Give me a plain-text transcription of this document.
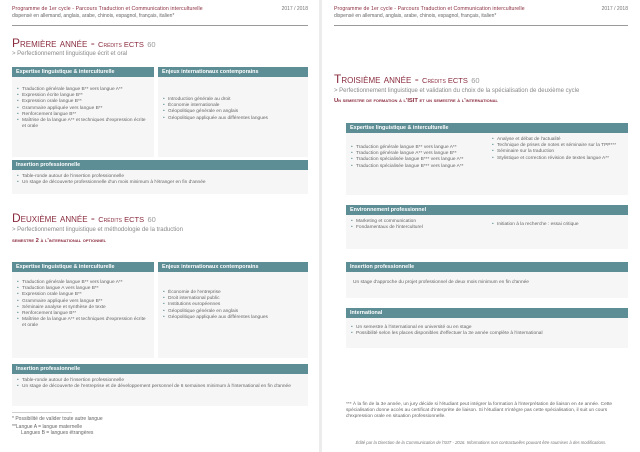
Programme de 1er cycle - Parcours Traduction et Communication interculturelle
dispensé en allemand, anglais, arabe, chinois, espagnol, français, italien*
2017 / 2018
Première année - Crédits ECTS 60
> Perfectionnement linguistique écrit et oral
Expertise linguistique & interculturelle
• Traduction générale langue B** vers langue A**
• Expression écrite langue B**
• Expression orale langue B**
• Grammaire appliquée vers langue B**
• Renforcement langue B**
• Maîtrise de la langue A** et techniques d'expression écrite et orale
Enjeux internationaux contemporains
• Introduction générale au droit
• Économie internationale
• Géopolitique générale en anglais
• Géopolitique appliquée aux différentes langues
Insertion professionnelle
• Table-ronde autour de l'insertion professionnelle
• Un stage de découverte professionnelle d'un mois minimum à l'étranger en fin d'année
Deuxième année - Crédits ECTS 60
> Perfectionnement linguistique et méthodologie de la traduction
semestre 2 à l'international optionnel
Expertise linguistique & interculturelle
• Traduction générale langue B** vers langue A**
• Traduction langue A vers langue B**
• Expression orale langue B**
• Grammaire appliquée vers langue B**
• Séminaire analyse et synthèse de texte
• Renforcement langue B**
• Maîtrise de la langue A** et techniques d'expression écrite et orale
Enjeux internationaux contemporains
• Économie de l'entreprise
• Droit international public
• Institutions européennes
• Géopolitique générale en anglais
• Géopolitique appliquée aux différentes langues
Insertion professionnelle
• Table-ronde autour de l'insertion professionnelle
• Un stage de découverte de l'entreprise et de développement personnel de 6 semaines minimum à l'international en fin d'année
* Possibilité de valider toute autre langue
**Langue A = langue maternelle
Langues B = langues étrangères
Programme de 1er cycle - Parcours Traduction et Communication interculturelle
dispensé en allemand, anglais, arabe, chinois, espagnol, français, italien*
2017 / 2018
Troisième année - Crédits ECTS 60
> Perfectionnement linguistique et validation du choix de la spécialisation de deuxième cycle
Un semestre de formation à l'ISIT et un semestre à l'international
Expertise linguistique & interculturelle
• Traduction générale langue B** vers langue A**
• Traduction générale langue A** vers langue B**
• Traduction spécialisée langue B*** vers langue A**
• Traduction spécialisée langue B*** vers langue A**
• Analyse et débat de l'actualité
• Technique de prises de notes et séminaire sur la TPP***
• Séminaire sur la traduction
• Stylistique et correction révision de textes langue A**
Environnement professionnel
• Marketing et communication
• Fondamentaux de l'interculturel
• Initiation à la recherche : essai critique
Insertion professionnelle
Un stage d'approche du projet professionnel de deux mois minimum en fin d'année
International
• Un semestre à l'international en université ou en stage
• Possibilité selon les places disponibles d'effectuer la 3e année complète à l'international
*** À la fin de la 3e année, un jury décide si l'étudiant peut intégrer la formation à l'interprétation de liaison en 4e année. Cette spécialisation donne accès au certificat d'interprète de liaison. Si l'étudiant n'intègre pas cette spécialisation, il suit un cours d'expression orale en situation professionnelle.
Édité par la Direction de la Communication de l'ISIT - 2016. Informations non contractuelles pouvant être soumises à des modifications.
